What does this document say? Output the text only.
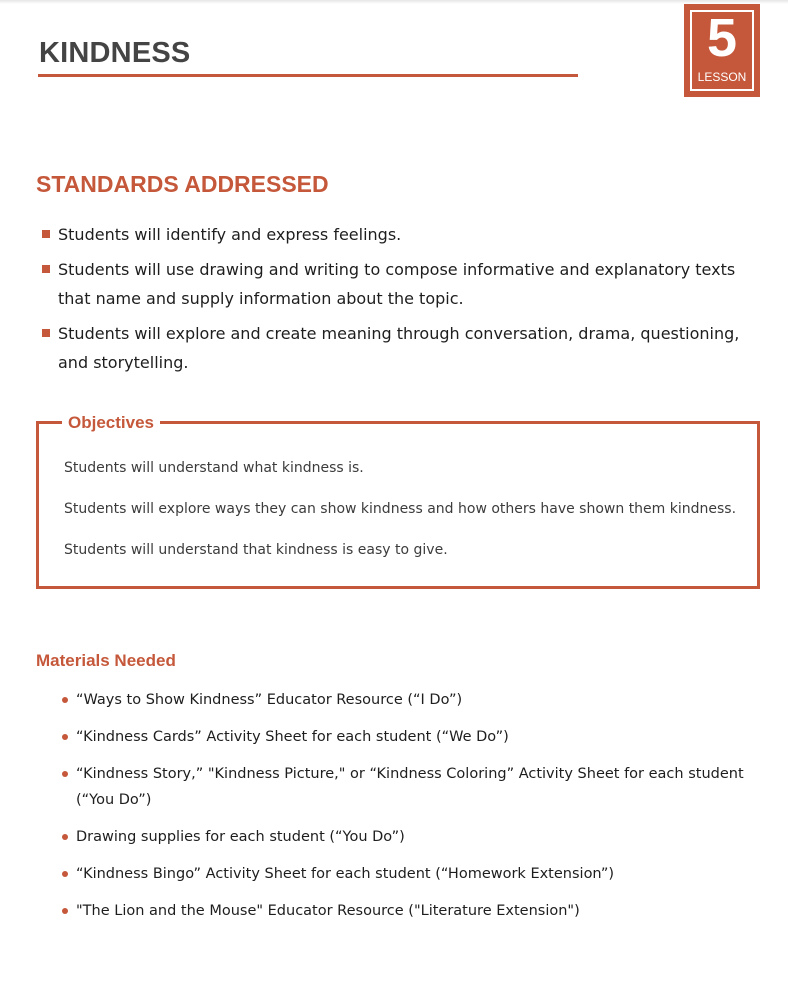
KINDNESS	5
LESSON
STANDARDS ADDRESSED
Students will identify and express feelings.
Students will use drawing and writing to compose informative and explanatory texts that name and supply information about the topic.
Students will explore and create meaning through conversation, drama, questioning, and storytelling.
Objectives

Students will understand what kindness is.

Students will explore ways they can show kindness and how others have shown them kindness.

Students will understand that kindness is easy to give.

Materials Needed
“Ways to Show Kindness” Educator Resource (“I Do”)
“Kindness Cards” Activity Sheet for each student (“We Do”)
“Kindness Story,” "Kindness Picture," or “Kindness Coloring” Activity Sheet for each student (“You Do”)
Drawing supplies for each student (“You Do”)
“Kindness Bingo” Activity Sheet for each student (“Homework Extension”)
"The Lion and the Mouse" Educator Resource ("Literature Extension")
